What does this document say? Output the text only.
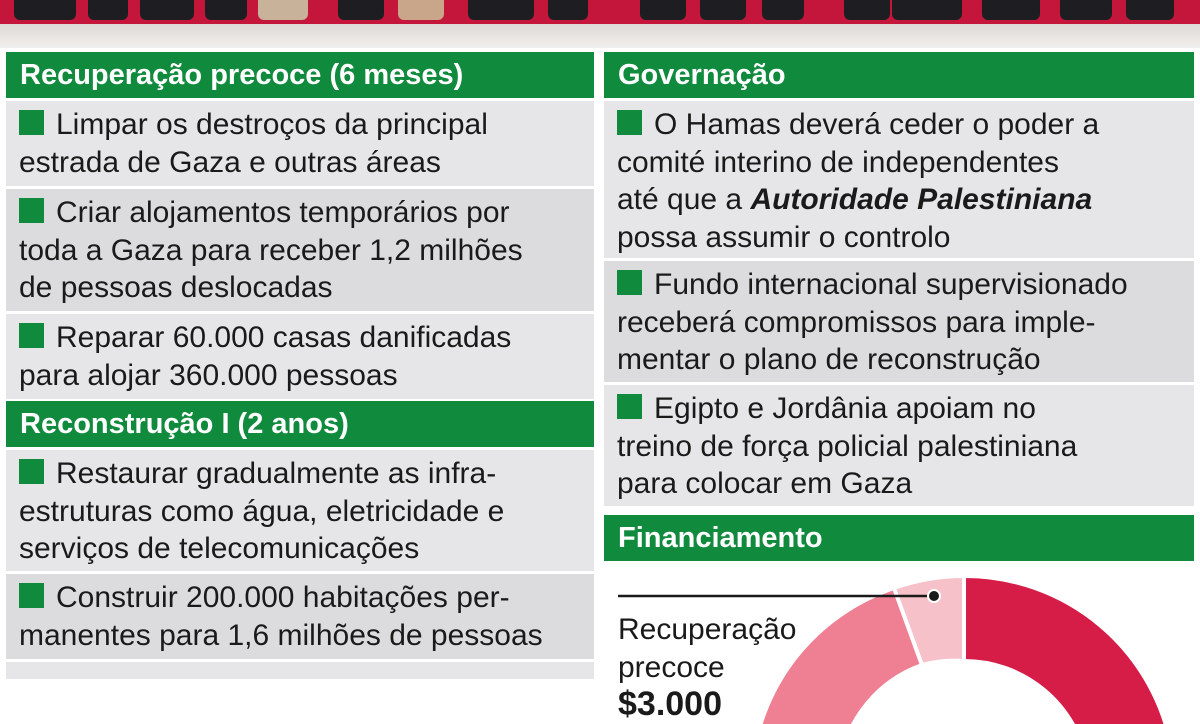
Recuperação precoce (6 meses)
Limpar os destroços da principal
estrada de Gaza e outras áreas
Criar alojamentos temporários por
toda a Gaza para receber 1,2 milhões
de pessoas deslocadas
Reparar 60.000 casas danificadas
para alojar 360.000 pessoas
Reconstrução I (2 anos)
Restaurar gradualmente as infra-
estruturas como água, eletricidade e
serviços de telecomunicações
Construir 200.000 habitações per-
manentes para 1,6 milhões de pessoas
Governação
O Hamas deverá ceder o poder a
comité interino de independentes
até que a Autoridade Palestiniana
possa assumir o controlo
Fundo internacional supervisionado
receberá compromissos para imple-
mentar o plano de reconstrução
Egipto e Jordânia apoiam no
treino de força policial palestiniana
para colocar em Gaza
Financiamento
Recuperação
precoce
$3.000
